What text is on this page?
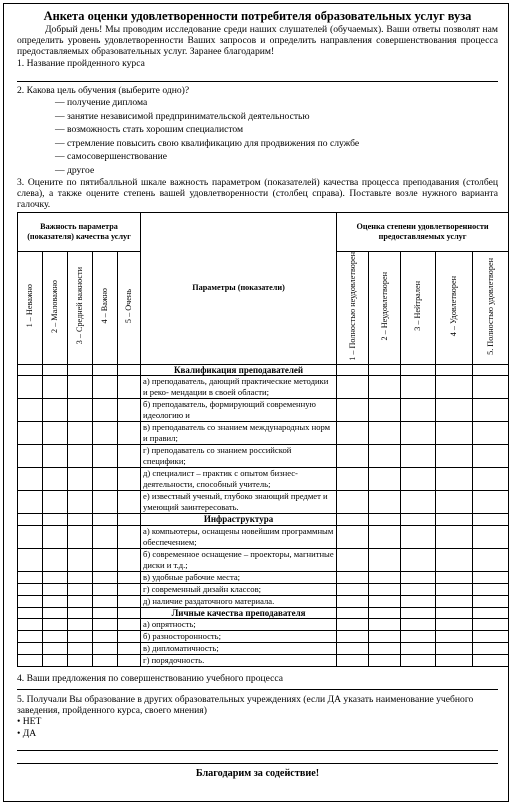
Анкета оценки удовлетворенности потребителя образовательных услуг вуза

Добрый день! Мы проводим исследование среди наших слушателей (обучаемых). Ваши ответы позволят нам определить уровень удовлетворенности Ваших запросов и определить направления совершенствования процесса предоставляемых образовательных услуг. Заранее благодарим!

1. Название пройденного курса

2. Какова цель обучения (выберите одно)?

— получение диплома
— занятие независимой предпринимательской деятельностью
— возможность стать хорошим специалистом
— стремление повысить свою квалификацию для продвижения по службе
— самосовершенствование
— другое

3. Оцените по пятибалльной шкале важность параметром (показателей) качества процесса преподавания (столбец слева), а также оцените степень вашей удовлетворенности (столбец справа). Поставьте возле нужного варианта галочку.

Важность параметра (показателя) качества услуг					Параметры (показатели)	Оценка степени удовлетворенности предоставляемых услуг				
1 – Неважно	2 – Маловажно	3 – Средней важности	4 – Важно	5 – Очень		1 – Полностью неудовлетворен	2 – Неудовлетворен	3 – Нейтрален	4 – Удовлетворен	5. Полностью удовлетворен
					Квалификация преподавателей					
					а) преподаватель, дающий практические методики и реко- мендации в своей области;					
					б) преподаватель, формирующий современную идеологию и					
					в) преподаватель со знанием международных норм и правил;					
					г) преподаватель со знанием российской специфики;					
					д) специалист – практик с опытом бизнес-деятельности, способный учитель;					
					е) известный ученый, глубоко знающий предмет и умеющий заинтересовать.					
					Инфраструктура					
					а) компьютеры, оснащены новейшим программным обеспечением;					
					б) современное оснащение – проекторы, магнитные диски и т.д.;					
					в) удобные рабочие места;					
					г) современный дизайн классов;					
					д) наличие раздаточного материала.					
					Личные качества преподавателя					
					а) опрятность;					
					б) разносторонность;					
					в) дипломатичность;					
					г) порядочность.					

4. Ваши предложения по совершенствованию учебного процесса

5. Получали Вы образование в других образовательных учреждениях (если ДА указать наименование учебного заведения, пройденного курса, своего мнения)

• НЕТ

• ДА

Благодарим за содействие!
